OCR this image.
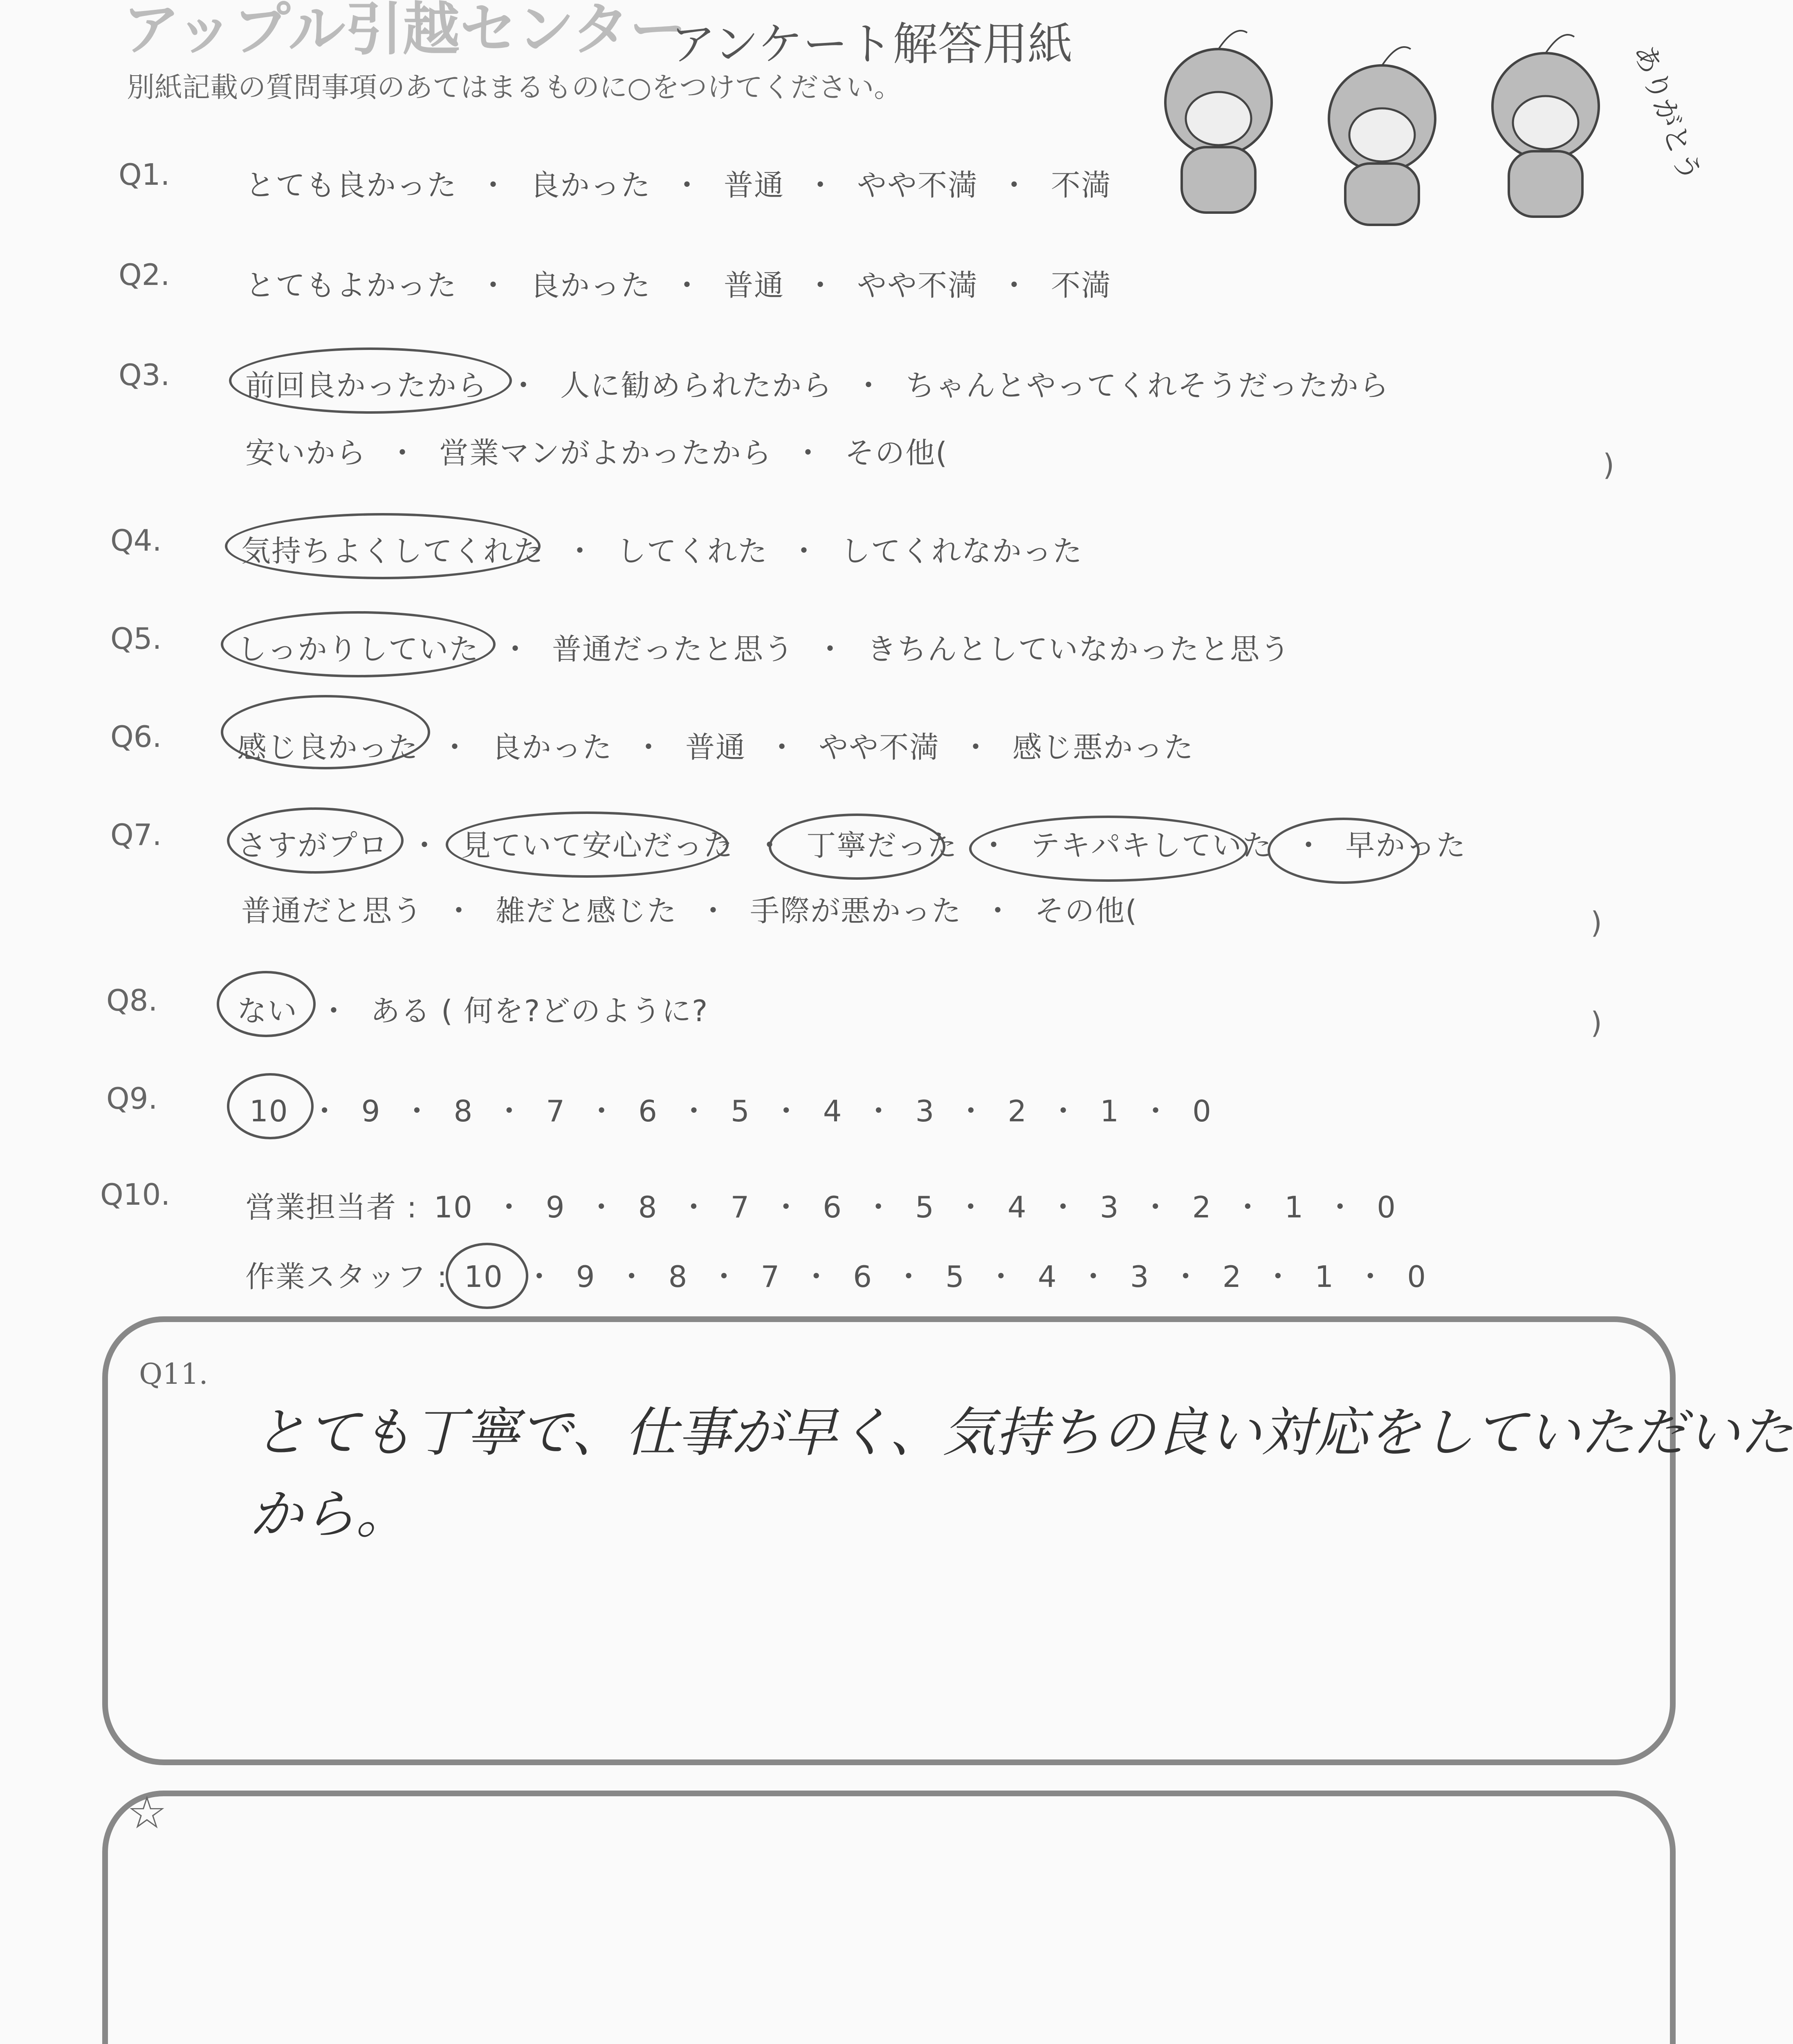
アップル引越センター
アンケート解答用紙
別紙記載の質問事項のあてはまるものに○をつけてください。	ありがとう
Q1.	とても良かった ・ 良かった ・ 普通 ・ やや不満 ・ 不満
Q2.	とてもよかった ・ 良かった ・ 普通 ・ やや不満 ・ 不満
Q3.	前回良かったから ・ 人に勧められたから ・ ちゃんとやってくれそうだったから
安いから ・ 営業マンがよかったから ・ その他(	)
Q4.	気持ちよくしてくれた ・ してくれた ・ してくれなかった
Q5.	しっかりしていた ・ 普通だったと思う ・ きちんとしていなかったと思う
Q6.	感じ良かった ・ 良かった ・ 普通 ・ やや不満 ・ 感じ悪かった
Q7.	さすがプロ ・ 見ていて安心だった ・ 丁寧だった ・ テキパキしていた ・ 早かった
普通だと思う ・ 雑だと感じた ・ 手際が悪かった ・ その他(	)
Q8.	ない ・ ある ( 何を?どのように?	)
Q9.	10 ・ 9 ・ 8 ・ 7 ・ 6 ・ 5 ・ 4 ・ 3 ・ 2 ・ 1 ・ 0
Q10.	営業担当者 : 10 ・ 9 ・ 8 ・ 7 ・ 6 ・ 5 ・ 4 ・ 3 ・ 2 ・ 1 ・ 0
作業スタッフ : 10 ・ 9 ・ 8 ・ 7 ・ 6 ・ 5 ・ 4 ・ 3 ・ 2 ・ 1 ・ 0
Q11.
とても丁寧で、仕事が早く、気持ちの良い対応をしていただいた
から。
☆
